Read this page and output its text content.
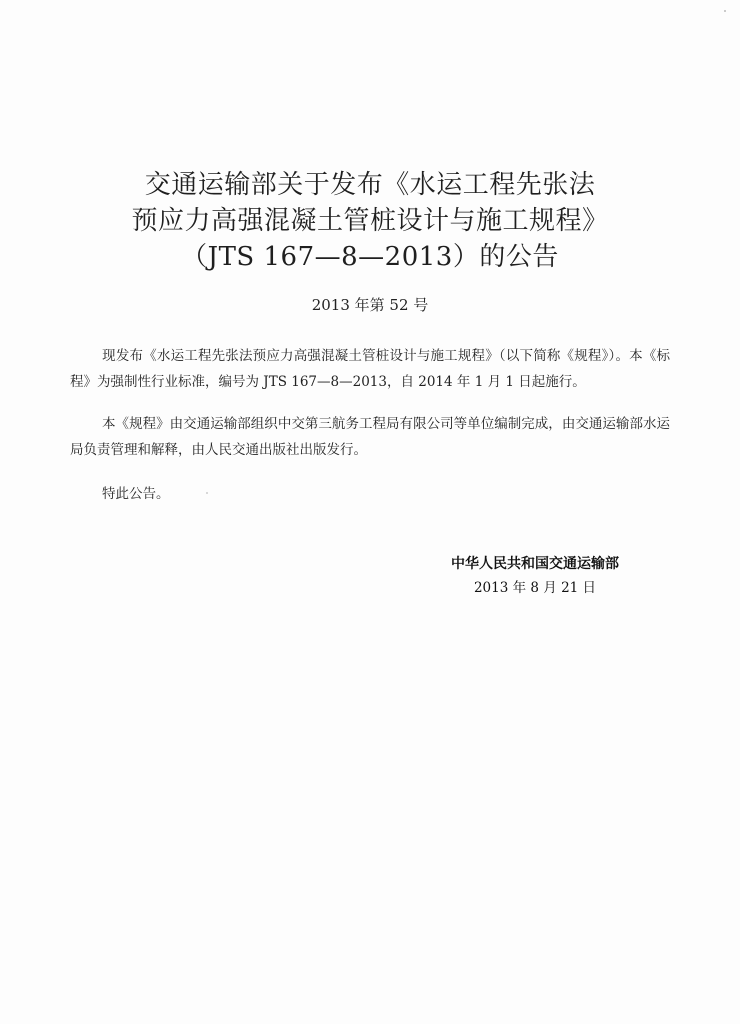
交通运输部关于发布《水运工程先张法
预应力高强混凝土管桩设计与施工规程》
（JTS 167—8—2013）的公告
2013 年第 52 号
现发布《水运工程先张法预应力高强混凝土管桩设计与施工规程》（以下简称《规程》）。本《标程》为强制性行业标准，编号为 JTS 167—8—2013，自 2014 年 1 月 1 日起施行。
本《规程》由交通运输部组织中交第三航务工程局有限公司等单位编制完成，由交通运输部水运局负责管理和解释，由人民交通出版社出版发行。
特此公告。
中华人民共和国交通运输部
2013 年 8 月 21 日
